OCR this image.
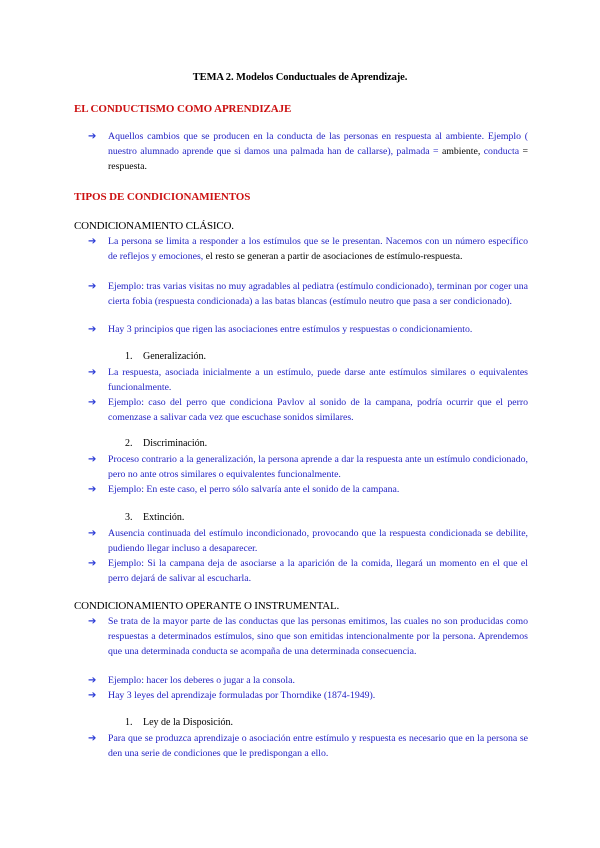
TEMA 2. Modelos Conductuales de Aprendizaje.
EL CONDUCTISMO COMO APRENDIZAJE
➔ Aquellos cambios que se producen en la conducta de las personas en respuesta al ambiente. Ejemplo ( nuestro alumnado aprende que si damos una palmada han de callarse), palmada = ambiente, conducta = respuesta.
TIPOS DE CONDICIONAMIENTOS
CONDICIONAMIENTO CLÁSICO.
➔ La persona se limita a responder a los estímulos que se le presentan. Nacemos con un número específico de reflejos y emociones, el resto se generan a partir de asociaciones de estímulo-respuesta.
➔ Ejemplo: tras varias visitas no muy agradables al pediatra (estímulo condicionado), terminan por coger una cierta fobia (respuesta condicionada) a las batas blancas (estímulo neutro que pasa a ser condicionado).
➔ Hay 3 principios que rigen las asociaciones entre estímulos y respuestas o condicionamiento.
1. Generalización.
➔ La respuesta, asociada inicialmente a un estímulo, puede darse ante estímulos similares o equivalentes funcionalmente.
➔ Ejemplo: caso del perro que condiciona Pavlov al sonido de la campana, podría ocurrir que el perro comenzase a salivar cada vez que escuchase sonidos similares.
2. Discriminación.
➔ Proceso contrario a la generalización, la persona aprende a dar la respuesta ante un estímulo condicionado, pero no ante otros similares o equivalentes funcionalmente.
➔ Ejemplo: En este caso, el perro sólo salvaría ante el sonido de la campana.
3. Extinción.
➔ Ausencia continuada del estímulo incondicionado, provocando que la respuesta condicionada se debilite, pudiendo llegar incluso a desaparecer.
➔ Ejemplo: Si la campana deja de asociarse a la aparición de la comida, llegará un momento en el que el perro dejará de salivar al escucharla.
CONDICIONAMIENTO OPERANTE O INSTRUMENTAL.
➔ Se trata de la mayor parte de las conductas que las personas emitimos, las cuales no son producidas como respuestas a determinados estímulos, sino que son emitidas intencionalmente por la persona. Aprendemos que una determinada conducta se acompaña de una determinada consecuencia.
➔ Ejemplo: hacer los deberes o jugar a la consola.
➔ Hay 3 leyes del aprendizaje formuladas por Thorndike (1874-1949).
1. Ley de la Disposición.
➔ Para que se produzca aprendizaje o asociación entre estímulo y respuesta es necesario que en la persona se den una serie de condiciones que le predispongan a ello.
